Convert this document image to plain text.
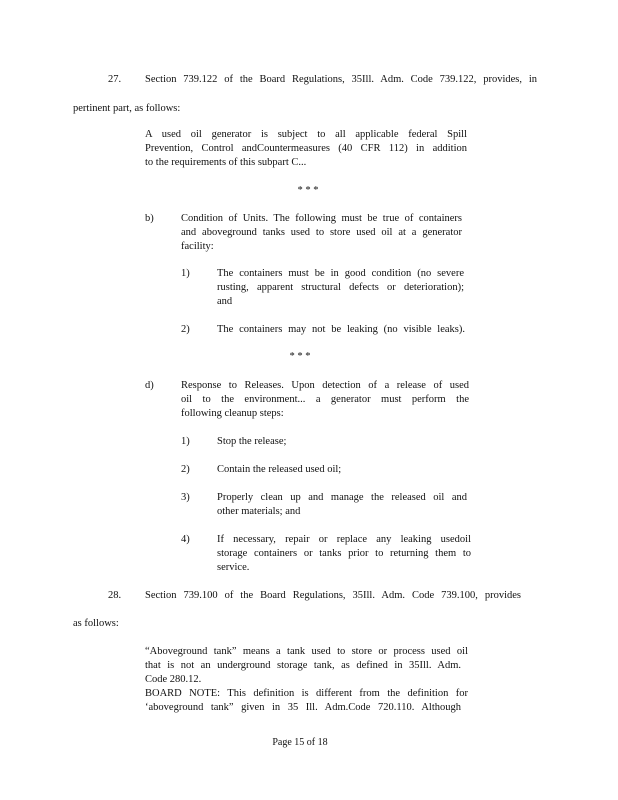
27. Section 739.122 of the Board Regulations, 35Ill. Adm. Code 739.122, provides, in
pertinent part, as follows:
A used oil generator is subject to all applicable federal Spill
Prevention, Control andCountermeasures (40 CFR 112) in addition
to the requirements of this subpart C...
* * *
b)	Condition of Units. The following must be true of containers
and aboveground tanks used to store used oil at a generator
facility:
1)	The containers must be in good condition (no severe
rusting, apparent structural defects or deterioration);
and
2)	The containers may not be leaking (no visible leaks).
* * *
d)	Response to Releases. Upon detection of a release of used
oil to the environment... a generator must perform the
following cleanup steps:
1)	Stop the release;
2)	Contain the released used oil;
3)	Properly clean up and manage the released oil and
other materials; and
4)	If necessary, repair or replace any leaking usedoil
storage containers or tanks prior to returning them to
service.
28. Section 739.100 of the Board Regulations, 35Ill. Adm. Code 739.100, provides
as follows:
“Aboveground tank” means a tank used to store or process used oil
that is not an underground storage tank, as defined in 35Ill. Adm.
Code 280.12.
BOARD NOTE: This definition is different from the definition for
‘aboveground tank” given in 35 Ill. Adm.Code 720.110. Although
Page 15 of 18
